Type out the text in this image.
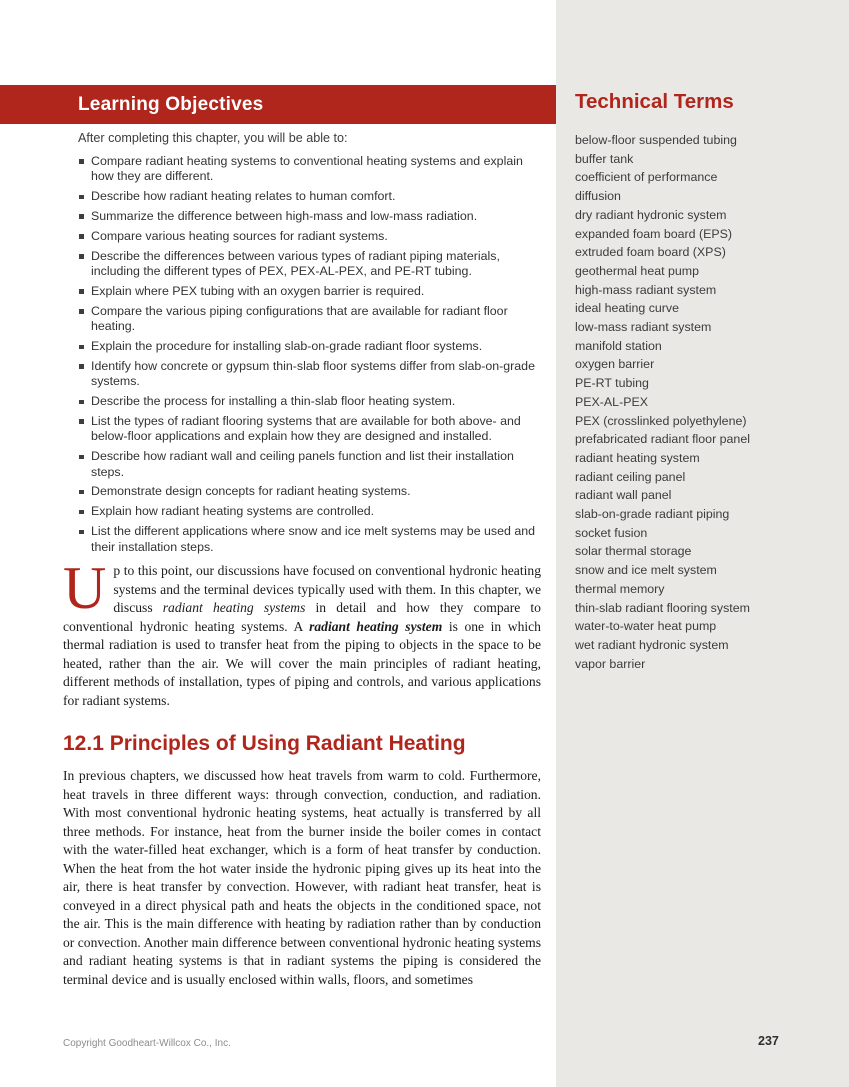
Technical Terms
below-floor suspended tubing
buffer tank
coefficient of performance
diffusion
dry radiant hydronic system
expanded foam board (EPS)
extruded foam board (XPS)
geothermal heat pump
high-mass radiant system
ideal heating curve
low-mass radiant system
manifold station
oxygen barrier
PE-RT tubing
PEX-AL-PEX
PEX (crosslinked polyethylene)
prefabricated radiant floor panel
radiant heating system
radiant ceiling panel
radiant wall panel
slab-on-grade radiant piping
socket fusion
solar thermal storage
snow and ice melt system
thermal memory
thin-slab radiant flooring system
water-to-water heat pump
wet radiant hydronic system
vapor barrier
Learning Objectives

After completing this chapter, you will be able to:

Compare radiant heating systems to conventional heating systems and explain how they are different.
Describe how radiant heating relates to human comfort.
Summarize the difference between high-mass and low-mass radiation.
Compare various heating sources for radiant systems.
Describe the differences between various types of radiant piping materials, including the different types of PEX, PEX-AL-PEX, and PE-RT tubing.
Explain where PEX tubing with an oxygen barrier is required.
Compare the various piping configurations that are available for radiant floor heating.
Explain the procedure for installing slab-on-grade radiant floor systems.
Identify how concrete or gypsum thin-slab floor systems differ from slab-on-grade systems.
Describe the process for installing a thin-slab floor heating system.
List the types of radiant flooring systems that are available for both above- and below-floor applications and explain how they are designed and installed.
Describe how radiant wall and ceiling panels function and list their installation steps.
Demonstrate design concepts for radiant heating systems.
Explain how radiant heating systems are controlled.
List the different applications where snow and ice melt systems may be used and their installation steps.

Up to this point, our discussions have focused on conventional hydronic heating systems and the terminal devices typically used with them. In this chapter, we discuss radiant heating systems in detail and how they compare to conventional hydronic heating systems. A radiant heating system is one in which thermal radiation is used to transfer heat from the piping to objects in the space to be heated, rather than the air. We will cover the main principles of radiant heating, different methods of installation, types of piping and controls, and various applications for radiant systems.

12.1 Principles of Using Radiant Heating

In previous chapters, we discussed how heat travels from warm to cold. Furthermore, heat travels in three different ways: through convection, conduction, and radiation. With most conventional hydronic heating systems, heat actually is transferred by all three methods. For instance, heat from the burner inside the boiler comes in contact with the water-filled heat exchanger, which is a form of heat transfer by conduction. When the heat from the hot water inside the hydronic piping gives up its heat into the air, there is heat transfer by convection. However, with radiant heat transfer, heat is conveyed in a direct physical path and heats the objects in the conditioned space, not the air. This is the main difference with heating by radiation rather than by conduction or convection. Another main difference between conventional hydronic heating systems and radiant heating systems is that in radiant systems the piping is considered the terminal device and is usually enclosed within walls, floors, and sometimes

Copyright Goodheart-Willcox Co., Inc.	237
